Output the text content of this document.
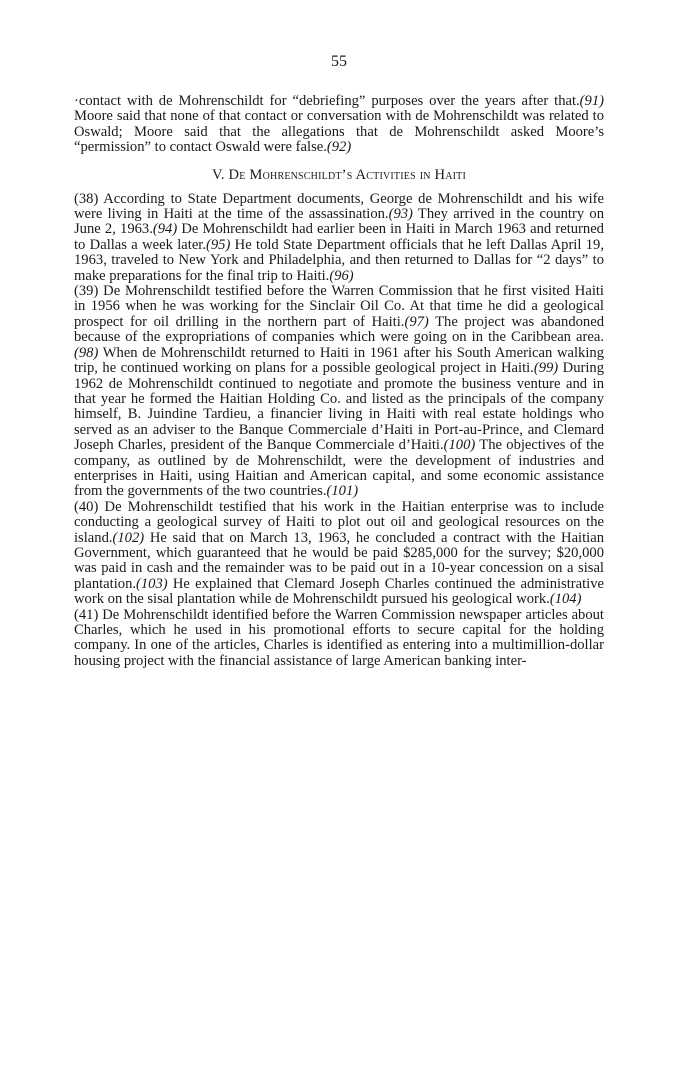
55

·contact with de Mohrenschildt for “debriefing” purposes over the years after that.(91) Moore said that none of that contact or conversation with de Mohrenschildt was related to Oswald; Moore said that the allegations that de Mohrenschildt asked Moore’s “permission” to contact Oswald were false.(92)

V. De Mohrenschildt’s Activities in Haiti

(38) According to State Department documents, George de Mohrenschildt and his wife were living in Haiti at the time of the assassination.(93) They arrived in the country on June 2, 1963.(94) De Mohrenschildt had earlier been in Haiti in March 1963 and returned to Dallas a week later.(95) He told State Department officials that he left Dallas April 19, 1963, traveled to New York and Philadelphia, and then returned to Dallas for “2 days” to make preparations for the final trip to Haiti.(96)

(39) De Mohrenschildt testified before the Warren Commission that he first visited Haiti in 1956 when he was working for the Sinclair Oil Co. At that time he did a geological prospect for oil drilling in the northern part of Haiti.(97) The project was abandoned because of the expropriations of companies which were going on in the Caribbean area.(98) When de Mohrenschildt returned to Haiti in 1961 after his South American walking trip, he continued working on plans for a possible geological project in Haiti.(99) During 1962 de Mohrenschildt continued to negotiate and promote the business venture and in that year he formed the Haitian Holding Co. and listed as the principals of the company himself, B. Juindine Tardieu, a financier living in Haiti with real estate holdings who served as an adviser to the Banque Commerciale d’Haiti in Port-au-Prince, and Clemard Joseph Charles, president of the Banque Commerciale d’Haiti.(100) The objectives of the company, as outlined by de Mohrenschildt, were the development of industries and enterprises in Haiti, using Haitian and American capital, and some economic assistance from the governments of the two countries.(101)

(40) De Mohrenschildt testified that his work in the Haitian enterprise was to include conducting a geological survey of Haiti to plot out oil and geological resources on the island.(102) He said that on March 13, 1963, he concluded a contract with the Haitian Government, which guaranteed that he would be paid $285,000 for the survey; $20,000 was paid in cash and the remainder was to be paid out in a 10-year concession on a sisal plantation.(103) He explained that Clemard Joseph Charles continued the administrative work on the sisal plantation while de Mohrenschildt pursued his geological work.(104)

(41) De Mohrenschildt identified before the Warren Commission newspaper articles about Charles, which he used in his promotional efforts to secure capital for the holding company. In one of the articles, Charles is identified as entering into a multimillion-dollar housing project with the financial assistance of large American banking inter-
